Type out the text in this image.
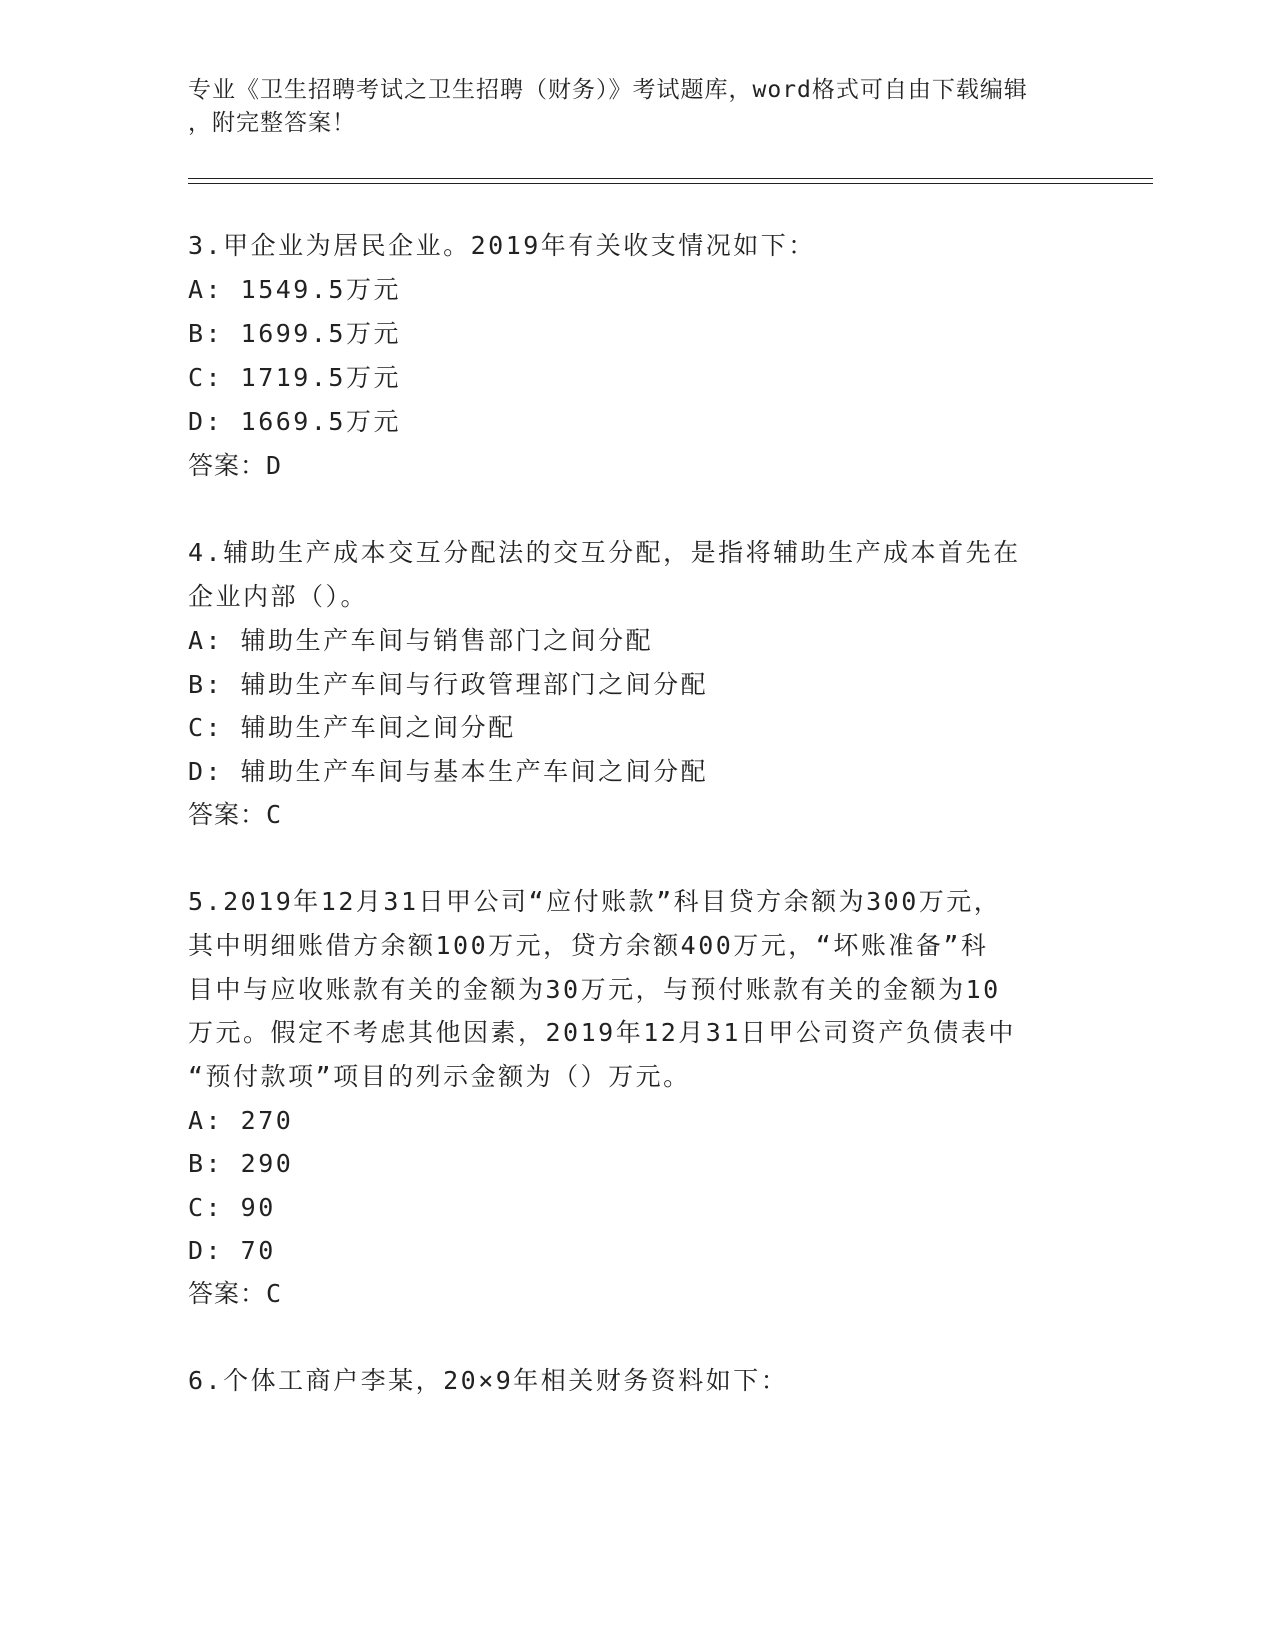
专业《卫生招聘考试之卫生招聘（财务）》考试题库，word格式可自由下载编辑
，附完整答案！
3.甲企业为居民企业。2019年有关收支情况如下：
A: 1549.5万元
B: 1699.5万元
C: 1719.5万元
D: 1669.5万元
答案：D
4.辅助生产成本交互分配法的交互分配，是指将辅助生产成本首先在
企业内部（）。
A: 辅助生产车间与销售部门之间分配
B: 辅助生产车间与行政管理部门之间分配
C: 辅助生产车间之间分配
D: 辅助生产车间与基本生产车间之间分配
答案：C
5.2019年12月31日甲公司“应付账款”科目贷方余额为300万元，
其中明细账借方余额100万元，贷方余额400万元，“坏账准备”科
目中与应收账款有关的金额为30万元，与预付账款有关的金额为10
万元。假定不考虑其他因素，2019年12月31日甲公司资产负债表中
“预付款项”项目的列示金额为（）万元。
A: 270
B: 290
C: 90
D: 70
答案：C
6.个体工商户李某，20×9年相关财务资料如下：
